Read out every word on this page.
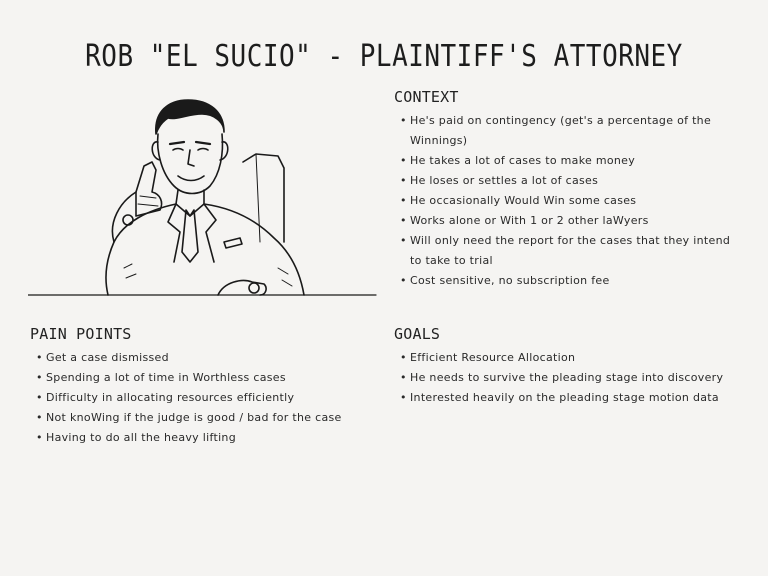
ROB "EL SUCIO" - PLAINTIFF'S ATTORNEY
CONTEXT
• He's paid on contingency (get's a percentage of the Winnings)
• He takes a lot of cases to make money
• He loses or settles a lot of cases
• He occasionally Would Win some cases
• Works alone or With 1 or 2 other laWyers
• Will only need the report for the cases that they intend to take to trial
• Cost sensitive, no subscription fee
PAIN POINTS
• Get a case dismissed
• Spending a lot of time in Worthless cases
• Difficulty in allocating resources efficiently
• Not knoWing if the judge is good / bad for the case
• Having to do all the heavy lifting
GOALS
• Efficient Resource Allocation
• He needs to survive the pleading stage into discovery
• Interested heavily on the pleading stage motion data
